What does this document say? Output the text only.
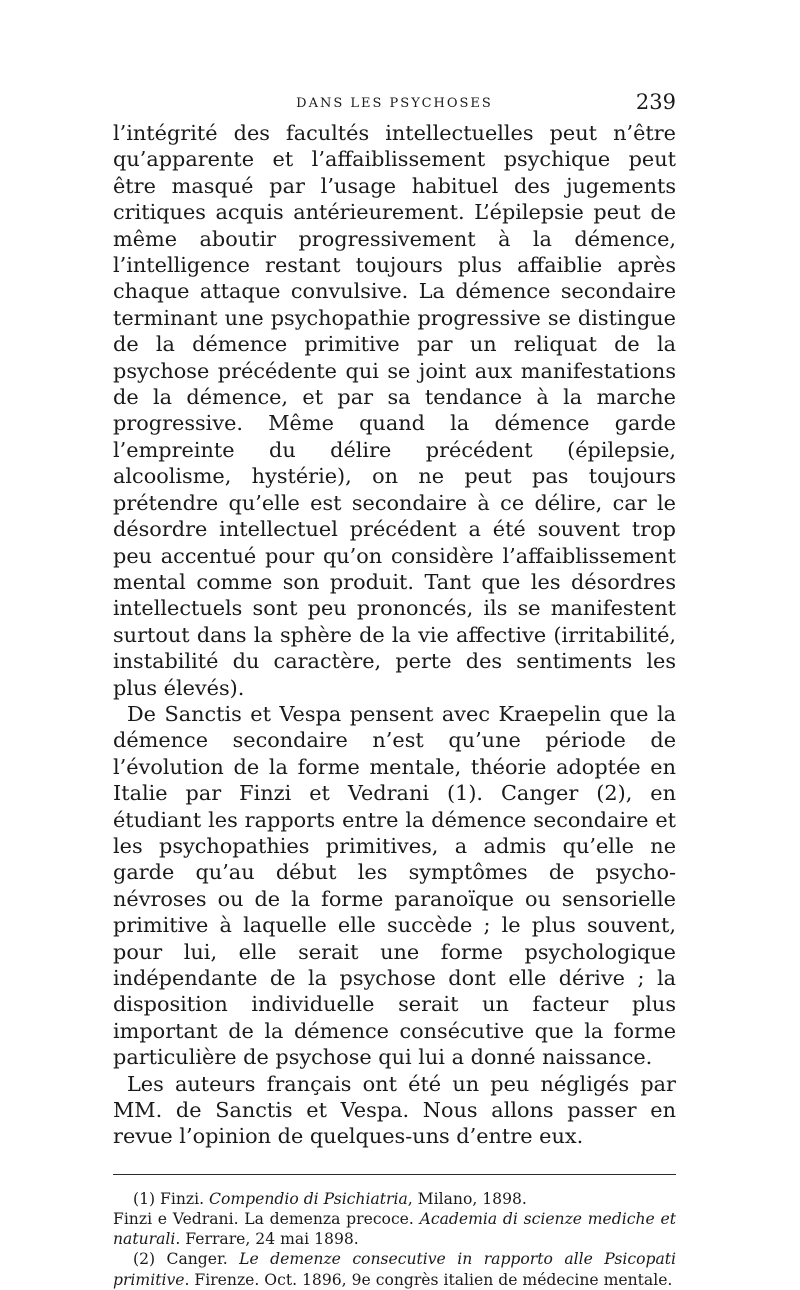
DANS LES PSYCHOSES	239

l’intégrité des facultés intellectuelles peut n’être qu’apparente et l’affaiblissement psychique peut être masqué par l’usage habituel des jugements critiques acquis antérieurement. L’épilepsie peut de même aboutir progressivement à la démence, l’intelligence restant toujours plus affaiblie après chaque attaque convulsive. La démence secondaire terminant une psychopathie progressive se distingue de la démence primitive par un reliquat de la psychose précédente qui se joint aux manifestations de la démence, et par sa tendance à la marche progressive. Même quand la démence garde l’empreinte du délire précédent (épilepsie, alcoolisme, hystérie), on ne peut pas toujours prétendre qu’elle est secondaire à ce délire, car le désordre intellectuel précédent a été souvent trop peu accentué pour qu’on considère l’affaiblissement mental comme son produit. Tant que les désordres intellectuels sont peu prononcés, ils se manifestent surtout dans la sphère de la vie affective (irritabilité, instabilité du caractère, perte des sentiments les plus élevés).

De Sanctis et Vespa pensent avec Kraepelin que la démence secondaire n’est qu’une période de l’évolution de la forme mentale, théorie adoptée en Italie par Finzi et Vedrani (1). Canger (2), en étudiant les rapports entre la démence secondaire et les psychopathies primitives, a admis qu’elle ne garde qu’au début les symptômes de psycho-névroses ou de la forme paranoïque ou sensorielle primitive à laquelle elle succède ; le plus souvent, pour lui, elle serait une forme psychologique indépendante de la psychose dont elle dérive ; la disposition individuelle serait un facteur plus important de la démence consécutive que la forme particulière de psychose qui lui a donné naissance.

Les auteurs français ont été un peu négligés par MM. de Sanctis et Vespa. Nous allons passer en revue l’opinion de quelques-uns d’entre eux.

(1) Finzi. Compendio di Psichiatria, Milano, 1898.

Finzi e Vedrani. La demenza precoce. Academia di scienze mediche et naturali. Ferrare, 24 mai 1898.

(2) Canger. Le demenze consecutive in rapporto alle Psicopati primitive. Firenze. Oct. 1896, 9e congrès italien de médecine mentale.
